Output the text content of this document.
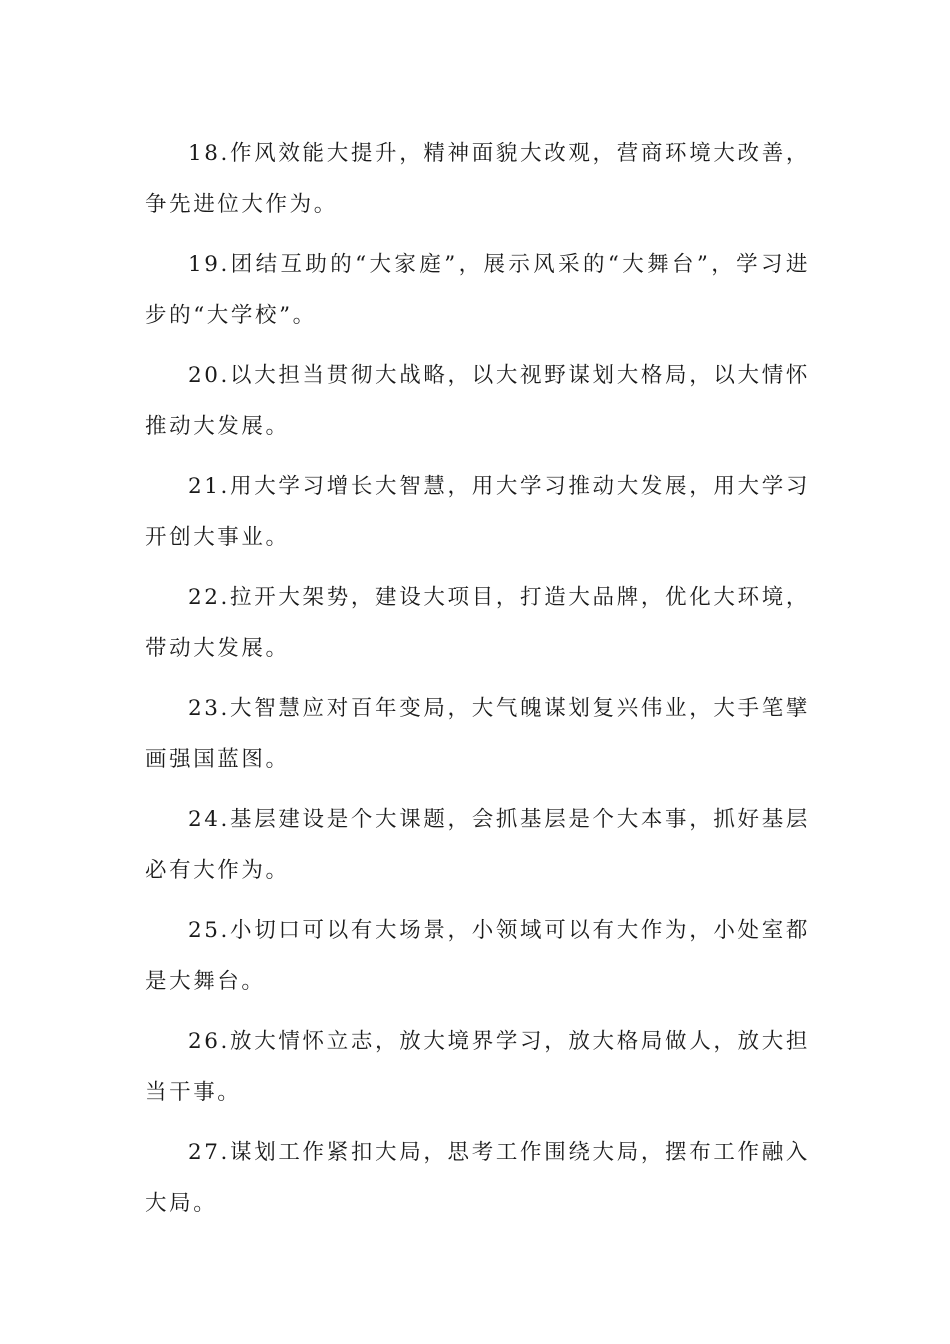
18.作风效能大提升，精神面貌大改观，营商环境大改善，争先进位大作为。

19.团结互助的“大家庭”，展示风采的“大舞台”，学习进步的“大学校”。

20.以大担当贯彻大战略，以大视野谋划大格局，以大情怀推动大发展。

21.用大学习增长大智慧，用大学习推动大发展，用大学习开创大事业。

22.拉开大架势，建设大项目，打造大品牌，优化大环境，带动大发展。

23.大智慧应对百年变局，大气魄谋划复兴伟业，大手笔擘画强国蓝图。

24.基层建设是个大课题，会抓基层是个大本事，抓好基层必有大作为。

25.小切口可以有大场景，小领域可以有大作为，小处室都是大舞台。

26.放大情怀立志，放大境界学习，放大格局做人，放大担当干事。

27.谋划工作紧扣大局，思考工作围绕大局，摆布工作融入大局。
